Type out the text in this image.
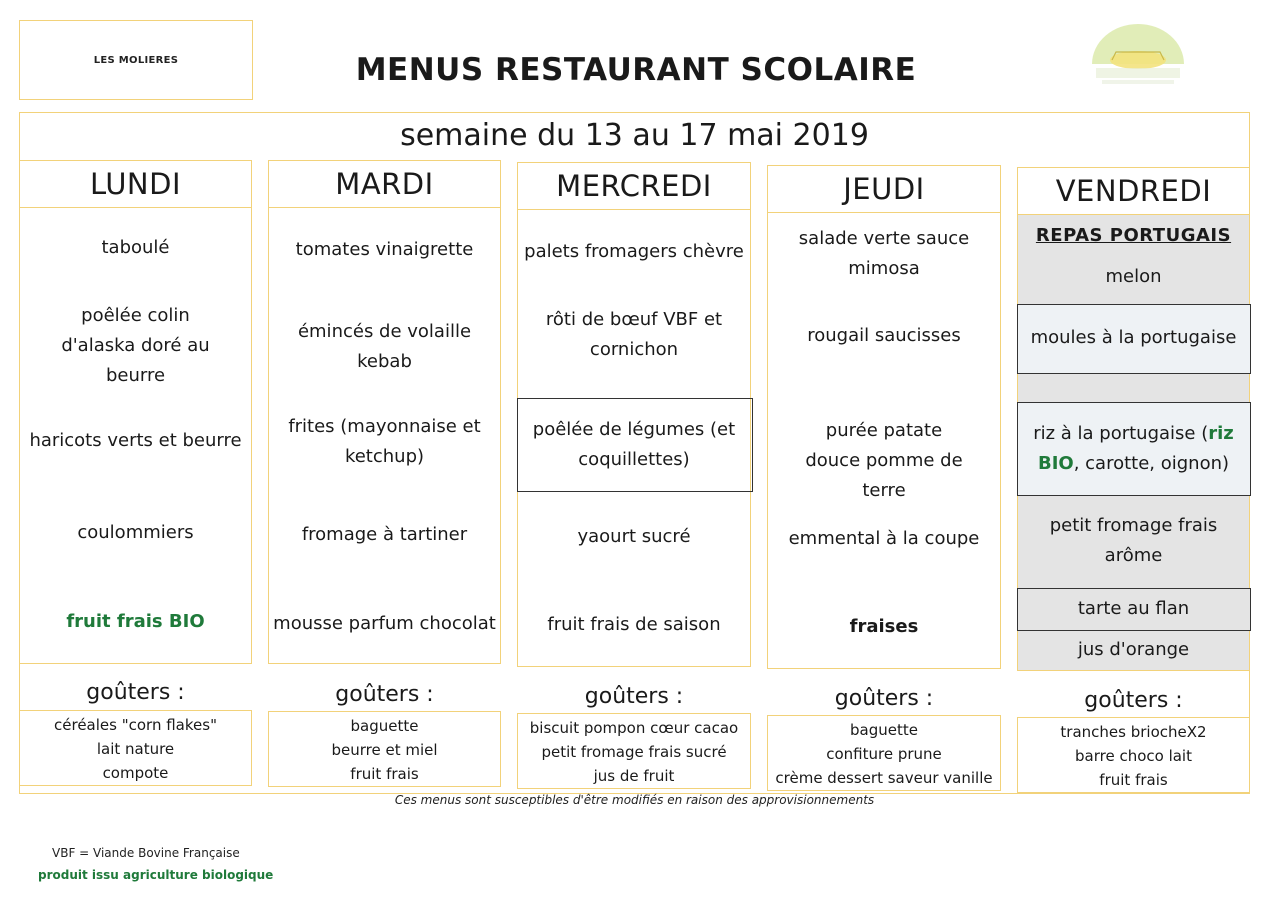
LES MOLIERES	MENUS RESTAURANT SCOLAIRE
semaine du 13 au 17 mai 2019
LUNDI
taboulé
poêlée colin d'alaska doré au beurre
haricots verts et beurre
coulommiers
fruit frais BIO
goûters :
céréales "corn flakes"
lait nature
compote
MARDI
tomates vinaigrette
émincés de volaille kebab
frites (mayonnaise et ketchup)
fromage à tartiner
mousse parfum chocolat
goûters :
baguette
beurre et miel
fruit frais
MERCREDI
palets fromagers chèvre
rôti de bœuf VBF et cornichon
poêlée de légumes (et coquillettes)
yaourt sucré
fruit frais de saison
goûters :
biscuit pompon cœur cacao
petit fromage frais sucré
jus de fruit
JEUDI
salade verte sauce mimosa
rougail saucisses
purée patate douce pomme de terre
emmental à la coupe
fraises
goûters :
baguette
confiture prune
crème dessert saveur vanille
VENDREDI
REPAS PORTUGAIS
melon
moules à la portugaise
riz à la portugaise (riz BIO, carotte, oignon)
petit fromage frais arôme
tarte au flan
jus d'orange
goûters :
tranches briocheX2
barre choco lait
fruit frais
Ces menus sont susceptibles d'être modifiés en raison des approvisionnements
VBF = Viande Bovine Française
produit issu agriculture biologique
